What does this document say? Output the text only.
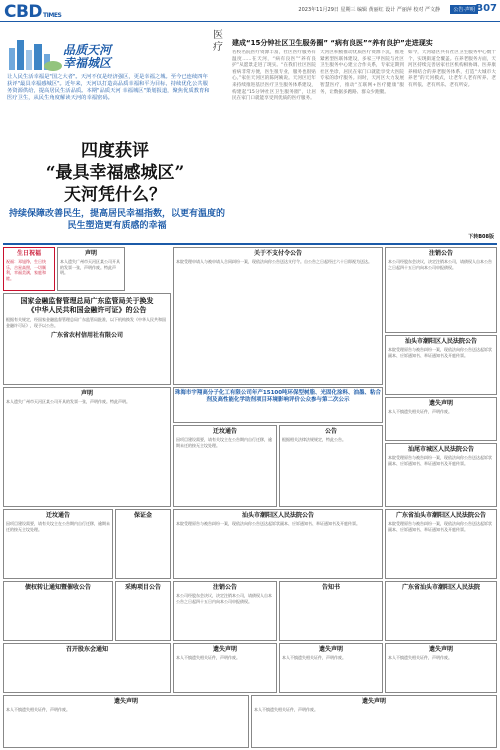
CBDTIMES
2023年11月29日 星期三 编辑 黄丽红 设计 严丽萍 校对 严文静	公告·声明 B07
品质天河
幸福城区
让人民生活幸福是"国之大者"。天河不仅是经济强区，更是幸福之城。至今已连续四年获评"最具幸福感城区"。近年来，天河以打造高品质幸福和平为目标，持续优化公共服务资源供给，提高居民生活品质。本期"品质天河 幸福城区"策划报道，聚焦优质教育和医疗卫生，从民生角度解读天河的幸福密码。
医疗
四度获评
“最具幸福感城区”
天河凭什么？
持续保障改善民生，提高居民幸福指数，以更有温度的民生塑造更有质感的幸福
建成“15分钟社区卫生服务圈” “病有良医”“养有良护”走进现实
名校名院医疗资源丰富，社区医疗服务有温度……在天河，“病有良医”“养有良护”从愿景走进了现实。“在我们社区医院看病非常方便，医生很专业，服务也很贴心。”家住天河区的陈阿姨说。天河区近年来持续推进基层医疗卫生服务体系建设，构建起“15分钟社区卫生服务圈”，让居民在家门口就能享受到优质的医疗服务。
天河区积极推动优质医疗资源下沉，推进紧密型医联体建设，多家三甲医院与社区卫生服务中心建立合作关系，专家定期到社区坐诊，居民在家门口就能享受大医院专家的诊疗服务。同时，天河区大力发展智慧医疗，推动“互联网+医疗健康”服务，让数据多跑路、群众少跑腿。
如今，天河辖区共有社区卫生服务中心数十个，实现街道全覆盖。在养老服务方面，天河区持续完善居家社区机构相协调、医养康养相结合的养老服务体系，打造“大城市大养老”的天河模式，让老年人老有所养、老有所依、老有所乐、老有所安。
下转B08版
生日祝福
祝福：邓旭铮，生日快乐，吉星高照，一切顺利，幸福美满，家庭和睦。
声明
本人遗失广州市天河区某公司开具的发票一张，声明作废。特此声明。
国家金融监督管理总局广东监管局关于换发
《中华人民共和国金融许可证》的公告
根据有关规定，经国家金融监督管理总局广东监管局批准，以下机构换发《中华人民共和国金融许可证》，现予以公告。
广东省农村信用社有限公司
关于不支付令公告
本院受理申请人与被申请人合同纠纷一案，现依法向你公告送达支付令。自公告之日起经过六十日即视为送达。
注销公告
本公司经股东会决议，决定注销本公司，请债权人自本公告之日起四十五日内向本公司申报债权。
汕头市潮阳区人民法院公告
本院受理原告与被告纠纷一案，现依法向你公告送达起诉状副本、应诉通知书、举证通知书及开庭传票。
声明
本人遗失广州市天河区某公司开具的发票一张，声明作废。特此声明。
珠海市宇翔高分子化工有限公司年产15100吨环保型树脂、光固化涂料、油墨、粘合剂及高性能化学助剂项目环境影响评价公众参与第二次公示
迁坟通告
因项目建设需要，请有关坟主在公告期内自行迁移，逾期未迁的按无主坟处理。
公告
根据相关法律法规规定，特此公告。
遗失声明
本人不慎遗失相关证件，声明作废。
汕尾市城区人民法院公告
本院受理原告与被告纠纷一案，现依法向你公告送达起诉状副本、应诉通知书、举证通知书及开庭传票。
迁坟通告
因项目建设需要，请有关坟主在公告期内自行迁移，逾期未迁的按无主坟处理。
保证金	汕头市潮阳区人民法院公告
本院受理原告与被告纠纷一案，现依法向你公告送达起诉状副本、应诉通知书、举证通知书及开庭传票。
广东省汕头市潮阳区人民法院公告
本院受理原告与被告纠纷一案，现依法向你公告送达起诉状副本、应诉通知书、举证通知书及开庭传票。
债权转让通知暨催收公告	采购项目公告	注销公告
本公司经股东会决议，决定注销本公司，请债权人自本公告之日起四十五日内向本公司申报债权。
告知书	广东省汕头市潮阳区人民法院
召开股东会通知	遗失声明
本人不慎遗失相关证件，声明作废。
遗失声明
本人不慎遗失相关证件，声明作废。
遗失声明
本人不慎遗失相关证件，声明作废。
遗失声明
本人不慎遗失相关证件，声明作废。
遗失声明
本人不慎遗失相关证件，声明作废。
